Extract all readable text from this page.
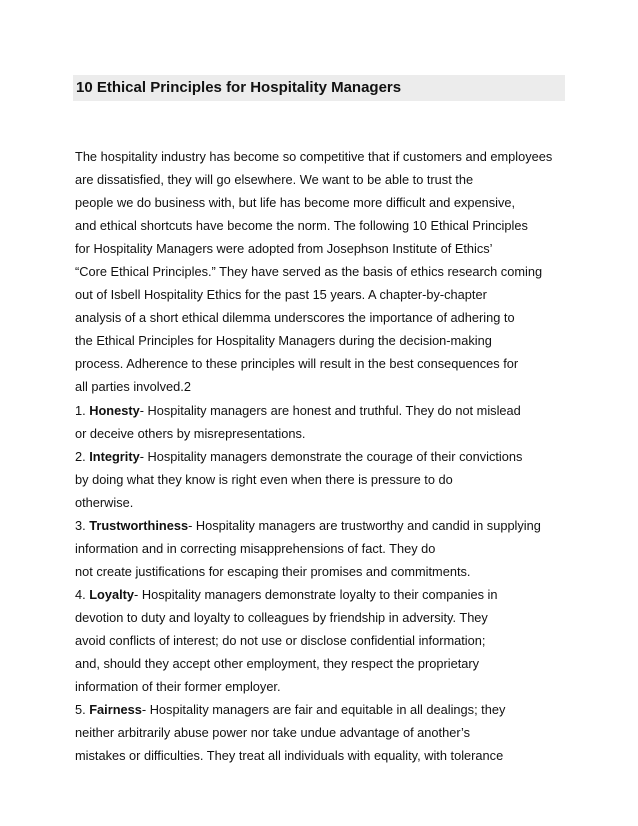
10 Ethical Principles for Hospitality Managers

The hospitality industry has become so competitive that if customers and employees

are dissatisfied, they will go elsewhere. We want to be able to trust the

people we do business with, but life has become more difficult and expensive,

and ethical shortcuts have become the norm. The following 10 Ethical Principles

for Hospitality Managers were adopted from Josephson Institute of Ethics’

“Core Ethical Principles.” They have served as the basis of ethics research coming

out of Isbell Hospitality Ethics for the past 15 years. A chapter-by-chapter

analysis of a short ethical dilemma underscores the importance of adhering to

the Ethical Principles for Hospitality Managers during the decision-making

process. Adherence to these principles will result in the best consequences for

all parties involved.2

1. Honesty- Hospitality managers are honest and truthful. They do not mislead

or deceive others by misrepresentations.

2. Integrity- Hospitality managers demonstrate the courage of their convictions

by doing what they know is right even when there is pressure to do

otherwise.

3. Trustworthiness- Hospitality managers are trustworthy and candid in supplying

information and in correcting misapprehensions of fact. They do

not create justifications for escaping their promises and commitments.

4. Loyalty- Hospitality managers demonstrate loyalty to their companies in

devotion to duty and loyalty to colleagues by friendship in adversity. They

avoid conflicts of interest; do not use or disclose confidential information;

and, should they accept other employment, they respect the proprietary

information of their former employer.

5. Fairness- Hospitality managers are fair and equitable in all dealings; they

neither arbitrarily abuse power nor take undue advantage of another’s

mistakes or difficulties. They treat all individuals with equality, with tolerance
